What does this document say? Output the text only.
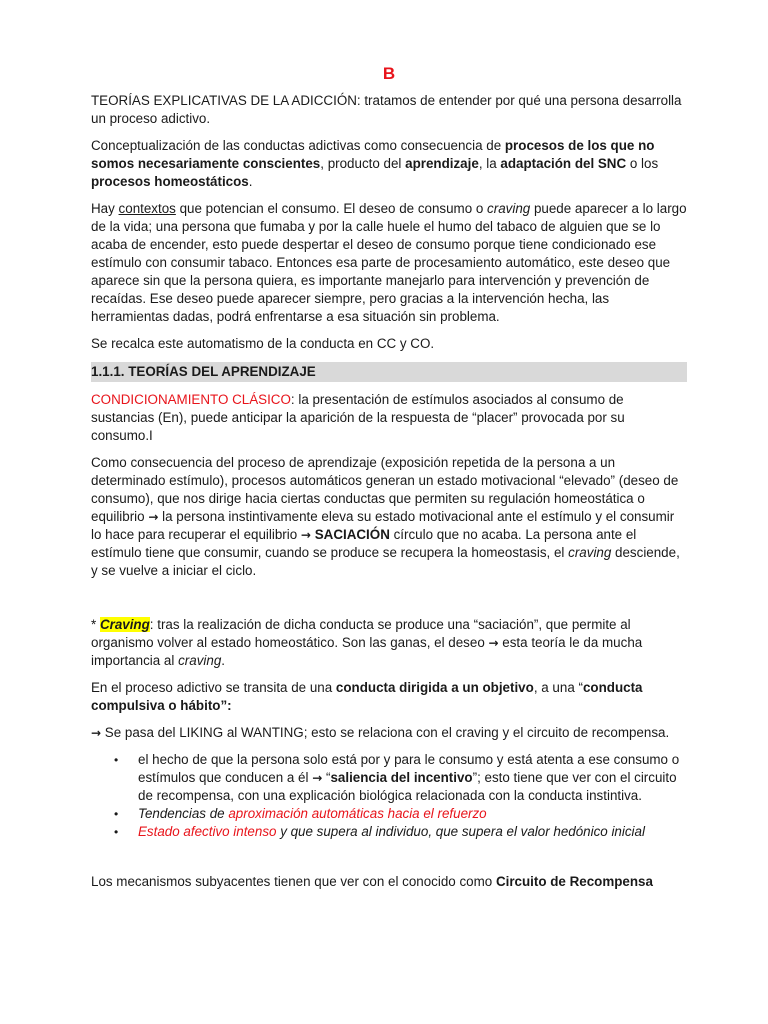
B

TEORÍAS EXPLICATIVAS DE LA ADICCIÓN: tratamos de entender por qué una persona desarrolla un proceso adictivo.

Conceptualización de las conductas adictivas como consecuencia de procesos de los que no somos necesariamente conscientes, producto del aprendizaje, la adaptación del SNC o los procesos homeostáticos.

Hay contextos que potencian el consumo. El deseo de consumo o craving puede aparecer a lo largo de la vida; una persona que fumaba y por la calle huele el humo del tabaco de alguien que se lo acaba de encender, esto puede despertar el deseo de consumo porque tiene condicionado ese estímulo con consumir tabaco. Entonces esa parte de procesamiento automático, este deseo que aparece sin que la persona quiera, es importante manejarlo para intervención y prevención de recaídas. Ese deseo puede aparecer siempre, pero gracias a la intervención hecha, las herramientas dadas, podrá enfrentarse a esa situación sin problema.

Se recalca este automatismo de la conducta en CC y CO.

1.1.1. TEORÍAS DEL APRENDIZAJE

CONDICIONAMIENTO CLÁSICO: la presentación de estímulos asociados al consumo de sustancias (En), puede anticipar la aparición de la respuesta de “placer” provocada por su consumo.I

Como consecuencia del proceso de aprendizaje (exposición repetida de la persona a un determinado estímulo), procesos automáticos generan un estado motivacional “elevado” (deseo de consumo), que nos dirige hacia ciertas conductas que permiten su regulación homeostática o equilibrio → la persona instintivamente eleva su estado motivacional ante el estímulo y el consumir lo hace para recuperar el equilibrio → SACIACIÓN círculo que no acaba. La persona ante el estímulo tiene que consumir, cuando se produce se recupera la homeostasis, el craving desciende, y se vuelve a iniciar el ciclo.

* Craving: tras la realización de dicha conducta se produce una “saciación”, que permite al organismo volver al estado homeostático. Son las ganas, el deseo → esta teoría le da mucha importancia al craving.

En el proceso adictivo se transita de una conducta dirigida a un objetivo, a una “conducta compulsiva o hábito”:

→ Se pasa del LIKING al WANTING; esto se relaciona con el craving y el circuito de recompensa.

• el hecho de que la persona solo está por y para le consumo y está atenta a ese consumo o estímulos que conducen a él → “saliencia del incentivo”; esto tiene que ver con el circuito de recompensa, con una explicación biológica relacionada con la conducta instintiva.
• Tendencias de aproximación automáticas hacia el refuerzo
• Estado afectivo intenso y que supera al individuo, que supera el valor hedónico inicial

Los mecanismos subyacentes tienen que ver con el conocido como Circuito de Recompensa
